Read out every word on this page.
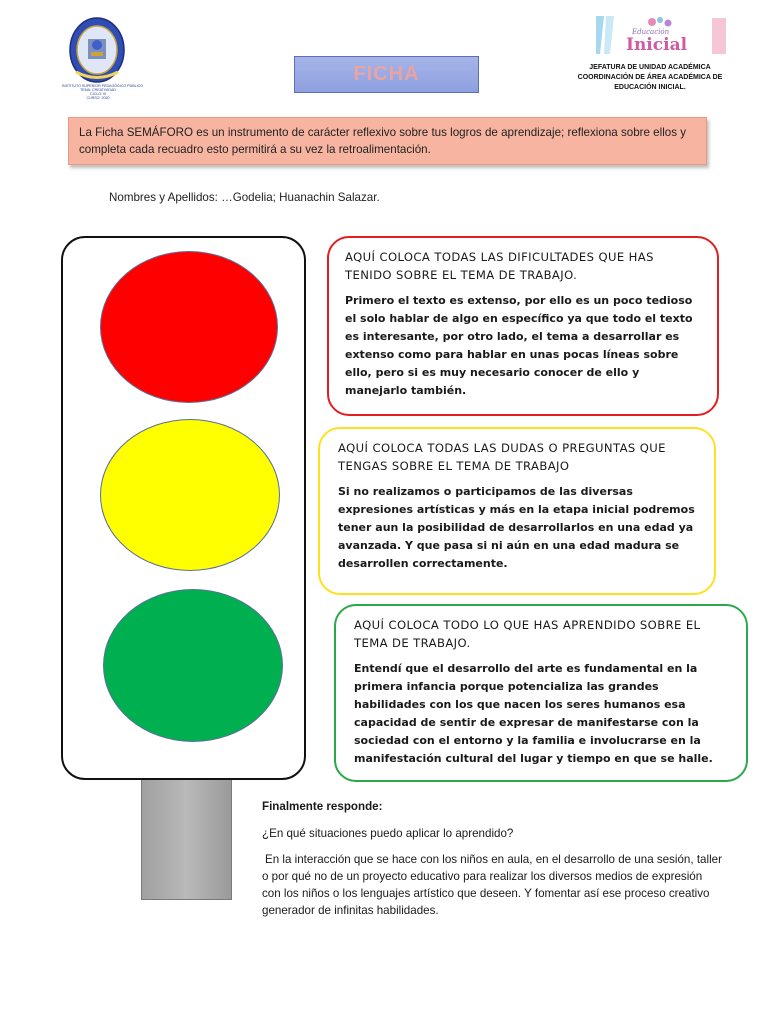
INSTITUTO SUPERIOR PEDAGÓGICO PÚBLICO
TEMA: CREATIVIDAD
CICLO: III
CURSO: 2020
Educación
Inicial
FICHA	JEFATURA DE UNIDAD ACADÉMICA
COORDINACIÓN DE ÁREA ACADÉMICA DE
EDUCACIÓN INICIAL.
La Ficha SEMÁFORO es un instrumento de carácter reflexivo sobre tus logros de aprendizaje; reflexiona sobre ellos y completa cada recuadro esto permitirá a su vez la retroalimentación.
Nombres y Apellidos: …Godelia; Huanachin Salazar.
AQUÍ COLOCA TODAS LAS DIFICULTADES QUE HAS TENIDO SOBRE EL TEMA DE TRABAJO.
Primero el texto es extenso, por ello es un poco tedioso el solo hablar de algo en específico ya que todo el texto es interesante, por otro lado, el tema a desarrollar es extenso como para hablar en unas pocas líneas sobre ello, pero si es muy necesario conocer de ello y manejarlo también.
AQUÍ COLOCA TODAS LAS DUDAS O PREGUNTAS QUE TENGAS SOBRE EL TEMA DE TRABAJO
Si no realizamos o participamos de las diversas expresiones artísticas y más en la etapa inicial podremos tener aun la posibilidad de desarrollarlos en una edad ya avanzada. Y que pasa si ni aún en una edad madura se desarrollen correctamente.
AQUÍ COLOCA TODO LO QUE HAS APRENDIDO SOBRE EL TEMA DE TRABAJO.
Entendí que el desarrollo del arte es fundamental en la primera infancia porque potencializa las grandes habilidades con los que nacen los seres humanos esa capacidad de sentir de expresar de manifestarse con la sociedad con el entorno y la familia e involucrarse en la manifestación cultural del lugar y tiempo en que se halle.
Finalmente responde:
¿En qué situaciones puedo aplicar lo aprendido?
En la interacción que se hace con los niños en aula, en el desarrollo de una sesión, taller o por qué no de un proyecto educativo para realizar los diversos medios de expresión con los niños o los lenguajes artístico que deseen. Y fomentar así ese proceso creativo generador de infinitas habilidades.
